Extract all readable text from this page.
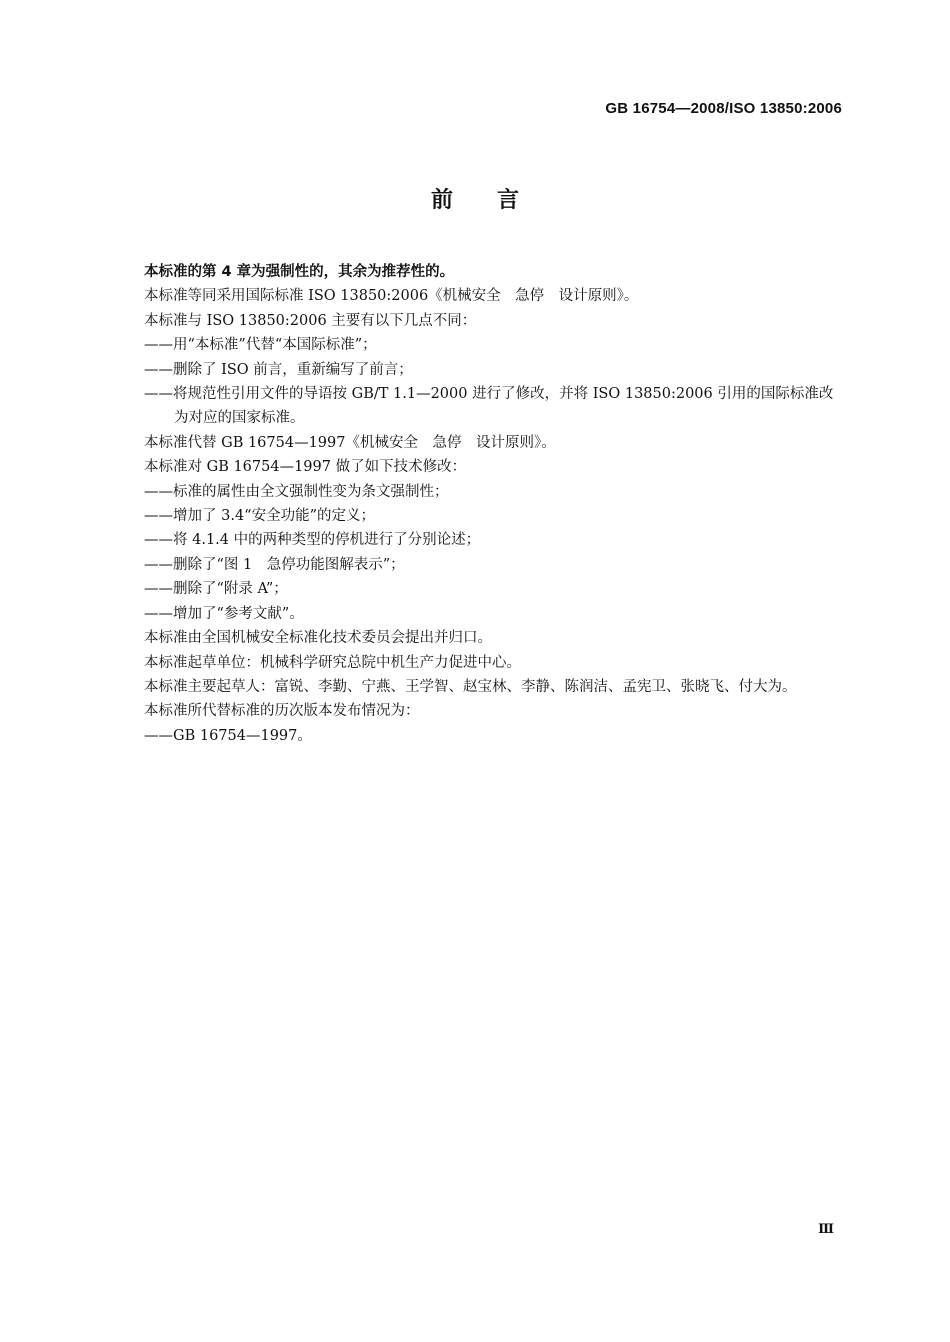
GB 16754—2008/ISO 13850:2006
前言

本标准的第 4 章为强制性的，其余为推荐性的。

本标准等同采用国际标准 ISO 13850:2006《机械安全　急停　设计原则》。

本标准与 ISO 13850:2006 主要有以下几点不同：

——用“本标准”代替“本国际标准”；

——删除了 ISO 前言，重新编写了前言；

——将规范性引用文件的导语按 GB/T 1.1—2000 进行了修改，并将 ISO 13850:2006 引用的国际标准改为对应的国家标准。

本标准代替 GB 16754—1997《机械安全　急停　设计原则》。

本标准对 GB 16754—1997 做了如下技术修改：

——标准的属性由全文强制性变为条文强制性；

——增加了 3.4“安全功能”的定义；

——将 4.1.4 中的两种类型的停机进行了分别论述；

——删除了“图 1　急停功能图解表示”；

——删除了“附录 A”；

——增加了“参考文献”。

本标准由全国机械安全标准化技术委员会提出并归口。

本标准起草单位：机械科学研究总院中机生产力促进中心。

本标准主要起草人：富锐、李勤、宁燕、王学智、赵宝林、李静、陈润洁、孟宪卫、张晓飞、付大为。

本标准所代替标准的历次版本发布情况为：

——GB 16754—1997。

Ⅲ
